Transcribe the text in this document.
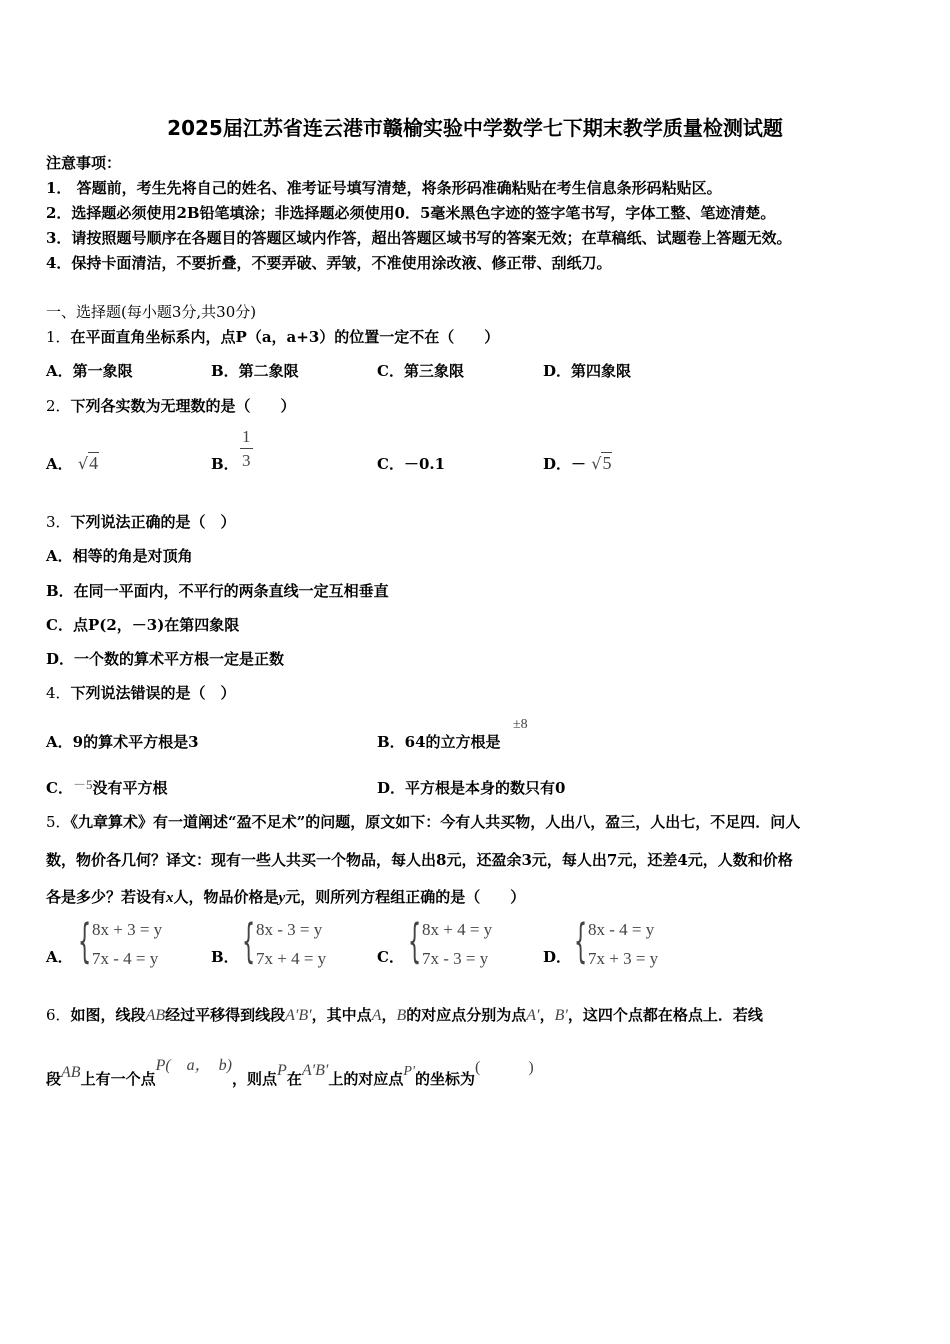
2025届江苏省连云港市赣榆实验中学数学七下期末教学质量检测试题
注意事项：
1． 答题前，考生先将自己的姓名、准考证号填写清楚，将条形码准确粘贴在考生信息条形码粘贴区。
2．选择题必须使用2B铅笔填涂；非选择题必须使用0．5毫米黑色字迹的签字笔书写，字体工整、笔迹清楚。
3．请按照题号顺序在各题目的答题区域内作答，超出答题区域书写的答案无效；在草稿纸、试题卷上答题无效。
4．保持卡面清洁，不要折叠，不要弄破、弄皱，不准使用涂改液、修正带、刮纸刀。
一、选择题(每小题3分,共30分)
1．在平面直角坐标系内，点P（a，a+3）的位置一定不在（　　）
A．第一象限	B．第二象限	C．第三象限	D．第四象限
2．下列各实数为无理数的是（　　）
A． √4	B． $\frac{1}{3}$	C．－0.1	D．－ √5
3．下列说法正确的是（　）
A．相等的角是对顶角
B．在同一平面内，不平行的两条直线一定互相垂直
C．点P(2，－3)在第四象限
D．一个数的算术平方根一定是正数
4．下列说法错误的是（　）
A．9的算术平方根是3	B．64的立方根是
±8
C．－5没有平方根	D．平方根是本身的数只有0
5．《九章算术》有一道阐述“盈不足术”的问题，原文如下：今有人共买物，人出八，盈三，人出七，不足四．问人
数，物价各几何？译文：现有一些人共买一个物品，每人出8元，还盈余3元，每人出7元，还差4元，人数和价格
各是多少？若设有x人，物品价格是y元，则所列方程组正确的是（　　）
A． { 8x + 3 = y
7x - 4 = y	B． { 8x - 3 = y
7x + 4 = y	C． { 8x + 4 = y
7x - 3 = y	D． { 8x - 4 = y
7x + 3 = y
6．如图，线段AB经过平移得到线段A′B′，其中点A，B的对应点分别为点A′，B′，这四个点都在格点上．若线
段AB上有一个点P(　a，　b)，则点P在A′B′上的对应点P′的坐标为(　　　)
